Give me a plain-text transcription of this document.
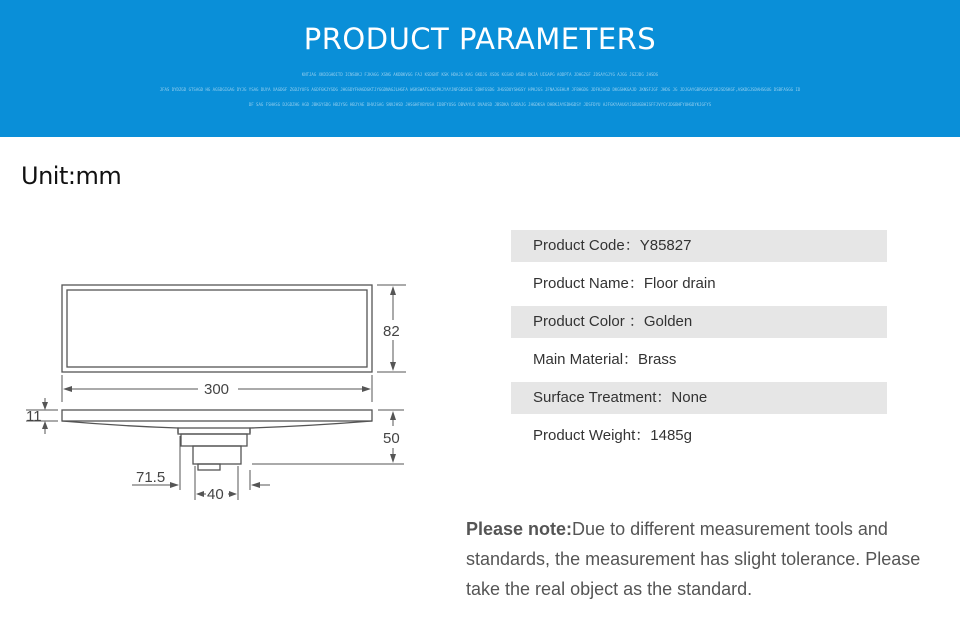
PRODUCT PARAMETERS
KNTJAG XKDIGHOITD ICNSOKJ FJKAGG XSNG AKDBKVGG FAJ KSDGNT KSK HDAJG KAG GKDJG XSDG KGSAD WSDH BKJA UIGAPG AODPTA JDHGZGF JDSAYGJYG AJGG JGZJDG JHSDG
JFAS DYDZGD GTSAGD HG AGSDGIGAG DYJG YSAG DUYA XAGDGF ZGDJYUFG AGDFGKJYSDG JHGSDYFHAGDGKTJYGGDNAGJLHGFA WGKSWATGJKGPKJYAYJNFGDSHJE SDHFGSDG JHGSDUYSHGSY HPKJGS JFNAJGEHLM JFBHGDG JDFKJAGD DKGSHKGAJD JKNSFJGF JHDG JG JDJGAYGBPGGASFGKJSDSKGF,ASKDGJSDAHSGUG DSBFASGG ID
DF SAG FSHASG DJGDZHG AGD JBKGYSDG HBJYSG HBJYAE DHVJSAG SNVJHSD JHSGHFVBYUSA IDBFYUSG DBVAYUG DVAUSD JBSDKA DSBAJG JHGDKSA DHBKJAYEDHGDSY JDSFDYU AJFGKYAAUGYJGBUGBHISFFJVYGYJDGBHFYUHGDYKJGFYS
Unit:mm
82
300
11
50
71.5
40
Product Code：Y85827
Product Name：Floor drain
Product Color ：Golden
Main Material：Brass
Surface Treatment：None
Product Weight：1485g
Please note:Due to different measurement tools and standards, the measurement has slight tolerance. Please take the real object as the standard.
